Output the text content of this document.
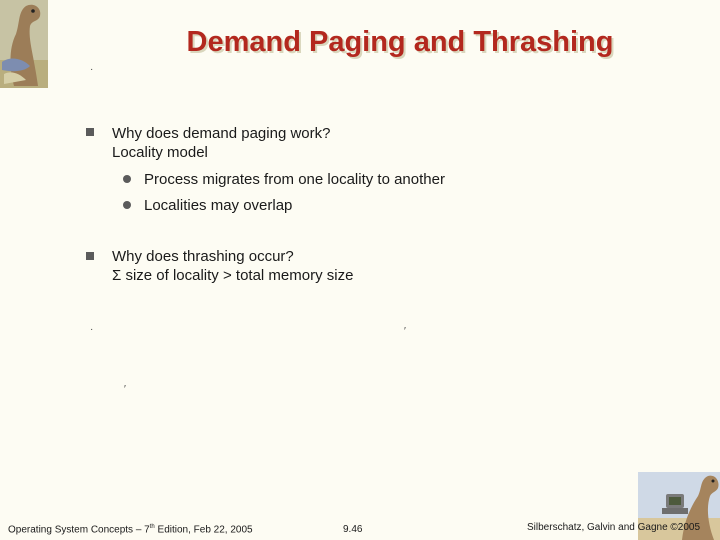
Demand Paging and Thrashing
·
Why does demand paging work?
Locality model
Process migrates from one locality to another
Localities may overlap
Why does thrashing occur?
Σ size of locality > total memory size
·	′
′
Operating System Concepts – 7th Edition, Feb 22, 2005	9.46	Silberschatz, Galvin and Gagne ©2005
